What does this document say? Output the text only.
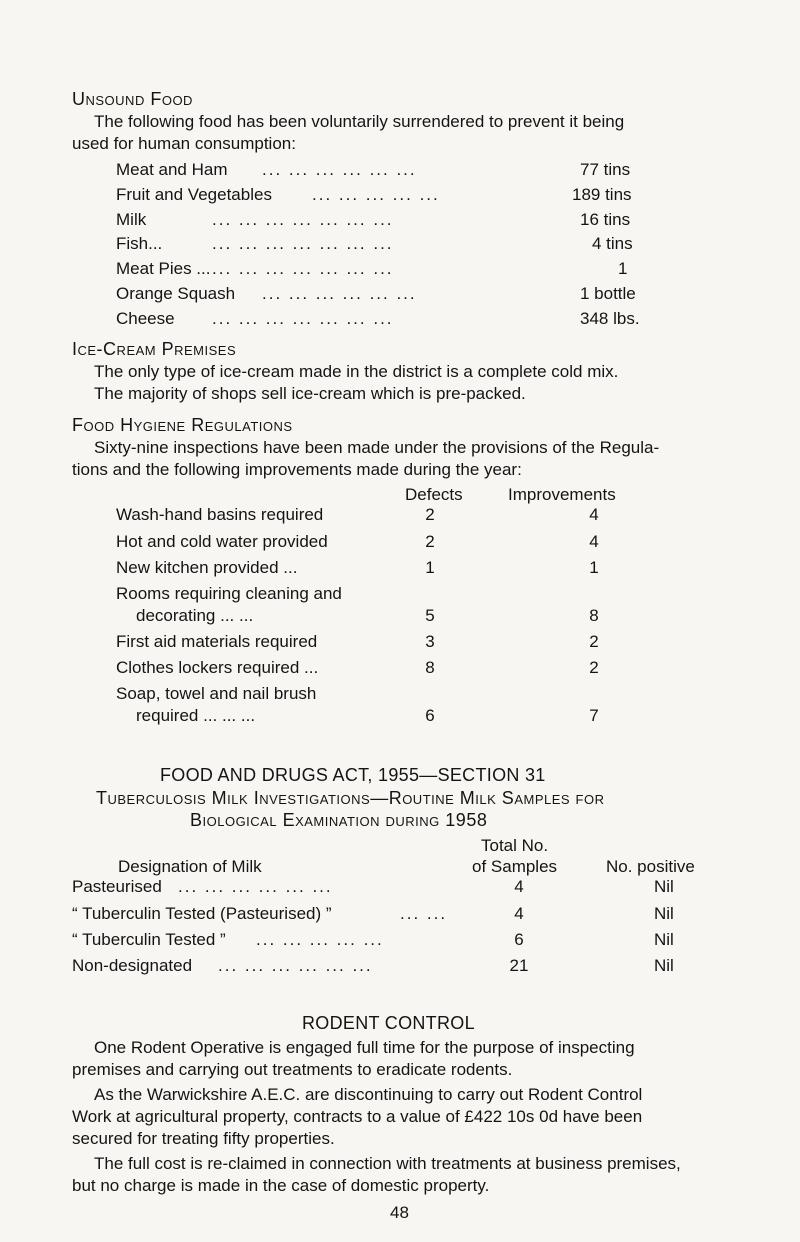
Unsound Food
The following food has been voluntarily surrendered to prevent it being
used for human consumption:
Meat and Ham ... ... ... ... ... ...	77 tins
Fruit and Vegetables ... ... ... ... ...	189 tins
Milk	... ... ... ... ... ... ...	16 tins
Fish...	... ... ... ... ... ... ...	4 tins
Meat Pies ... ... ... ... ... ... ... ...	1
Orange Squash ... ... ... ... ... ...	1 bottle
Cheese ... ... ... ... ... ... ...	348 lbs.
Ice-Cream Premises
The only type of ice-cream made in the district is a complete cold mix.
The majority of shops sell ice-cream which is pre-packed.
Food Hygiene Regulations
Sixty-nine inspections have been made under the provisions of the Regula-
tions and the following improvements made during the year:
Defects	Improvements
Wash-hand basins required	2	4
Hot and cold water provided	2	4
New kitchen provided ...	1	1
Rooms requiring cleaning and
decorating ... ...	5	8
First aid materials required	3	2
Clothes lockers required ...	8	2
Soap, towel and nail brush
required ... ... ...	6	7
FOOD AND DRUGS ACT, 1955—SECTION 31
Tuberculosis Milk Investigations—Routine Milk Samples for
Biological Examination during 1958
Total No.
Designation of Milk	of Samples	No. positive
Pasteurised ... ... ... ... ... ...	4	Nil
“ Tuberculin Tested (Pasteurised) ”	... ...	4	Nil
“ Tuberculin Tested ” ... ... ... ... ...	6	Nil
Non-designated ... ... ... ... ... ...	21	Nil
RODENT CONTROL
One Rodent Operative is engaged full time for the purpose of inspecting
premises and carrying out treatments to eradicate rodents.
As the Warwickshire A.E.C. are discontinuing to carry out Rodent Control
Work at agricultural property, contracts to a value of £422 10s 0d have been
secured for treating fifty properties.
The full cost is re-claimed in connection with treatments at business premises,
but no charge is made in the case of domestic property.
48
